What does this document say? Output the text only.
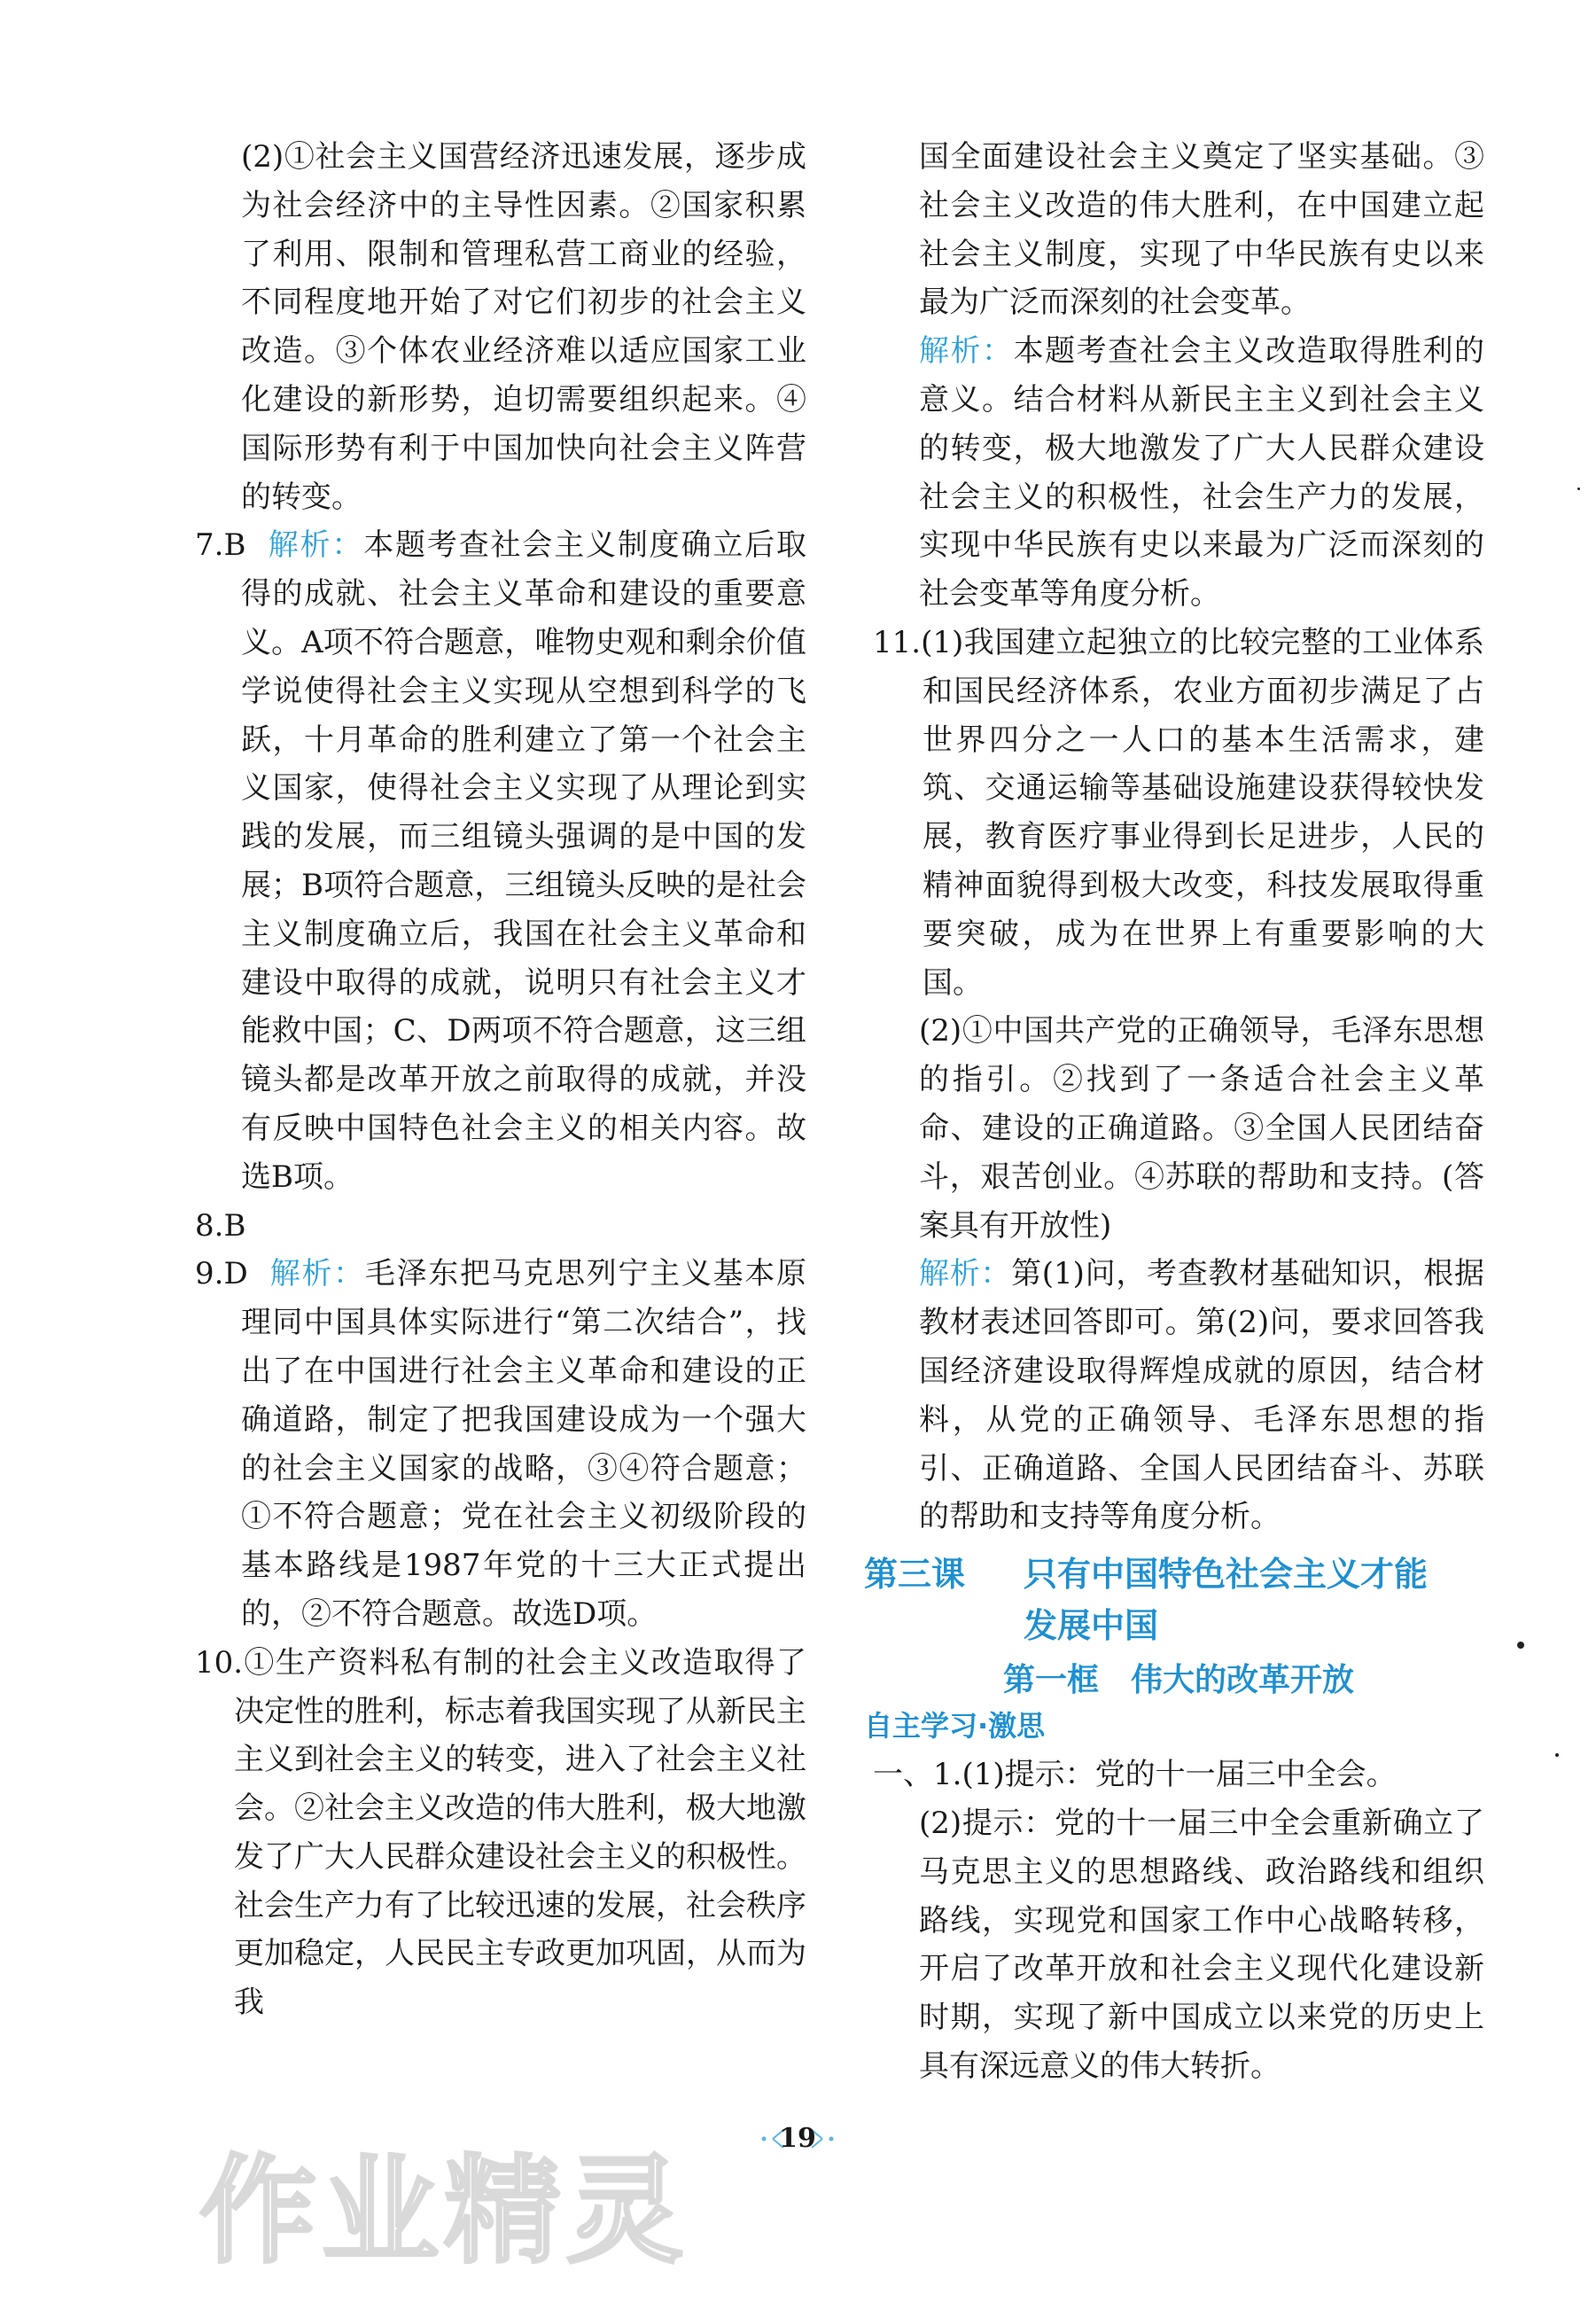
(2)①社会主义国营经济迅速发展，逐步成为社会经济中的主导性因素。②国家积累了利用、限制和管理私营工商业的经验，不同程度地开始了对它们初步的社会主义改造。③个体农业经济难以适应国家工业化建设的新形势，迫切需要组织起来。④国际形势有利于中国加快向社会主义阵营的转变。

7.B 解析：本题考查社会主义制度确立后取得的成就、社会主义革命和建设的重要意义。A项不符合题意，唯物史观和剩余价值学说使得社会主义实现从空想到科学的飞跃，十月革命的胜利建立了第一个社会主义国家，使得社会主义实现了从理论到实践的发展，而三组镜头强调的是中国的发展；B项符合题意，三组镜头反映的是社会主义制度确立后，我国在社会主义革命和建设中取得的成就，说明只有社会主义才能救中国；C、D两项不符合题意，这三组镜头都是改革开放之前取得的成就，并没有反映中国特色社会主义的相关内容。故选B项。

8.B

9.D 解析：毛泽东把马克思列宁主义基本原理同中国具体实际进行“第二次结合”，找出了在中国进行社会主义革命和建设的正确道路，制定了把我国建设成为一个强大的社会主义国家的战略，③④符合题意；①不符合题意；党在社会主义初级阶段的基本路线是1987年党的十三大正式提出的，②不符合题意。故选D项。

10.①生产资料私有制的社会主义改造取得了决定性的胜利，标志着我国实现了从新民主主义到社会主义的转变，进入了社会主义社会。②社会主义改造的伟大胜利，极大地激发了广大人民群众建设社会主义的积极性。社会生产力有了比较迅速的发展，社会秩序更加稳定，人民民主专政更加巩固，从而为我

国全面建设社会主义奠定了坚实基础。③社会主义改造的伟大胜利，在中国建立起社会主义制度，实现了中华民族有史以来最为广泛而深刻的社会变革。

解析：本题考查社会主义改造取得胜利的意义。结合材料从新民主主义到社会主义的转变，极大地激发了广大人民群众建设社会主义的积极性，社会生产力的发展，实现中华民族有史以来最为广泛而深刻的社会变革等角度分析。

11.(1)我国建立起独立的比较完整的工业体系和国民经济体系，农业方面初步满足了占世界四分之一人口的基本生活需求，建筑、交通运输等基础设施建设获得较快发展，教育医疗事业得到长足进步，人民的精神面貌得到极大改变，科技发展取得重要突破，成为在世界上有重要影响的大国。

(2)①中国共产党的正确领导，毛泽东思想的指引。②找到了一条适合社会主义革命、建设的正确道路。③全国人民团结奋斗，艰苦创业。④苏联的帮助和支持。(答案具有开放性)

解析：第(1)问，考查教材基础知识，根据教材表述回答即可。第(2)问，要求回答我国经济建设取得辉煌成就的原因，结合材料，从党的正确领导、毛泽东思想的指引、正确道路、全国人民团结奋斗、苏联的帮助和支持等角度分析。

第三课 只有中国特色社会主义才能
发展中国
第一框　伟大的改革开放
自主学习·激思

一、1.(1)提示：党的十一届三中全会。

(2)提示：党的十一届三中全会重新确立了马克思主义的思想路线、政治路线和组织路线，实现党和国家工作中心战略转移，开启了改革开放和社会主义现代化建设新时期，实现了新中国成立以来党的历史上具有深远意义的伟大转折。

19
作业精灵
